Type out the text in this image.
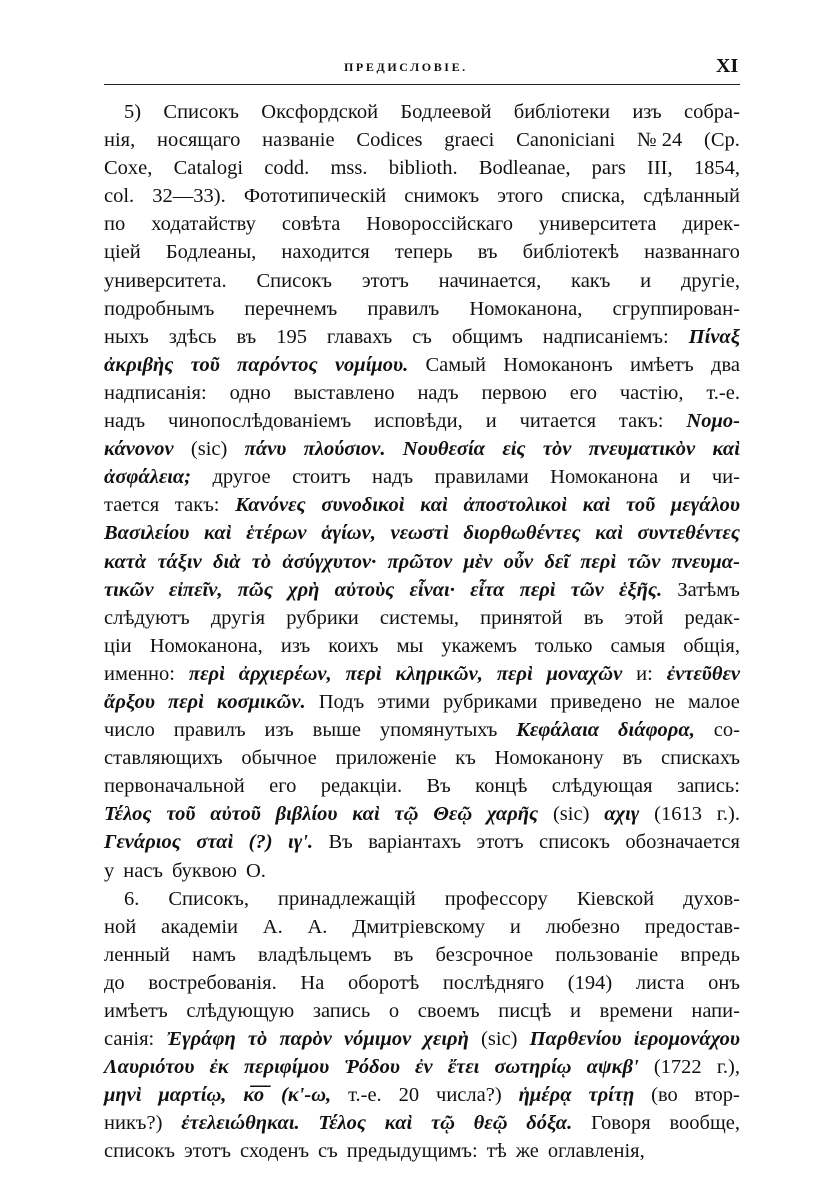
ПРЕДИСЛОВІЕ.	XI
5) Списокъ Оксфордской Бодлеевой библіотеки изъ собра-
нія, носящаго названіе Codices graeci Canoniciani № 24 (Ср.
Coxe, Catalogi codd. mss. biblioth. Bodleanae, pars III, 1854,
col. 32—33). Фототипическій снимокъ этого списка, сдѣланный
по ходатайству совѣта Новороссійскаго университета дирек-
ціей Бодлеаны, находится теперь въ библіотекѣ названнаго
университета. Списокъ этотъ начинается, какъ и другіе,
подробнымъ перечнемъ правилъ Номоканона, сгруппирован-
ныхъ здѣсь въ 195 главахъ съ общимъ надписаніемъ: Πίναξ
ἀκριβὴς τοῦ παρόντος νομίμου. Самый Номоканонъ имѣетъ два
надписанія: одно выставлено надъ первою его частію, т.-е.
надъ чинопослѣдованіемъ исповѣди, и читается такъ: Νομο-
κάνονον (sic) πάνυ πλούσιον. Νουθεσία εἰς τὸν πνευματικὸν καὶ
ἀσφάλεια; другое стоитъ надъ правилами Номоканона и чи-
тается такъ: Κανόνες συνοδικοὶ καὶ ἀποστολικοὶ καὶ τοῦ μεγάλου
Βασιλείου καὶ ἑτέρων ἁγίων, νεωστὶ διορθωθέντες καὶ συντεθέντες
κατὰ τάξιν διὰ τὸ ἀσύγχυτον· πρῶτον μὲν οὖν δεῖ περὶ τῶν πνευμα-
τικῶν εἰπεῖν, πῶς χρὴ αὐτοὺς εἶναι· εἶτα περὶ τῶν ἑξῆς. Затѣмъ
слѣдуютъ другія рубрики системы, принятой въ этой редак-
ціи Номоканона, изъ коихъ мы укажемъ только самыя общія,
именно: περὶ ἀρχιερέων, περὶ κληρικῶν, περὶ μοναχῶν и: ἐντεῦθεν
ἄρξου περὶ κοσμικῶν. Подъ этими рубриками приведено не малое
число правилъ изъ выше упомянутыхъ Κεφάλαια διάφορα, со-
ставляющихъ обычное приложеніе къ Номоканону въ спискахъ
первоначальной его редакціи. Въ концѣ слѣдующая запись:
Τέλος τοῦ αὐτοῦ βιβλίου καὶ τῷ Θεῷ χαρῆς (sic) αχιγ (1613 г.).
Γενάριος σταὶ (?) ιγ'. Въ варіантахъ этотъ списокъ обозначается
у насъ буквою O.
6. Списокъ, принадлежащій профессору Кіевской духов-
ной академіи А. А. Дмитріевскому и любезно предостав-
ленный намъ владѣльцемъ въ безсрочное пользованіе впредь
до востребованія. На оборотѣ послѣдняго (194) листа онъ
имѣетъ слѣдующую запись о своемъ писцѣ и времени напи-
санія: Ἐγράφη τὸ παρὸν νόμιμον χειρὴ (sic) Παρθενίου ἱερομονάχου
Λαυριότου ἐκ περιφίμου Ῥόδου ἐν ἔτει σωτηρίῳ αψκβ' (1722 г.),
μηνὶ μαρτίῳ, κ̅ο̅ (κ'-ω, т.-е. 20 числа?) ἡμέρᾳ τρίτῃ (во втор-
никъ?) ἐτελειώθηκαι. Τέλος καὶ τῷ θεῷ δόξα. Говоря вообще,
списокъ этотъ сходенъ съ предыдущимъ: тѣ же оглавленія,
